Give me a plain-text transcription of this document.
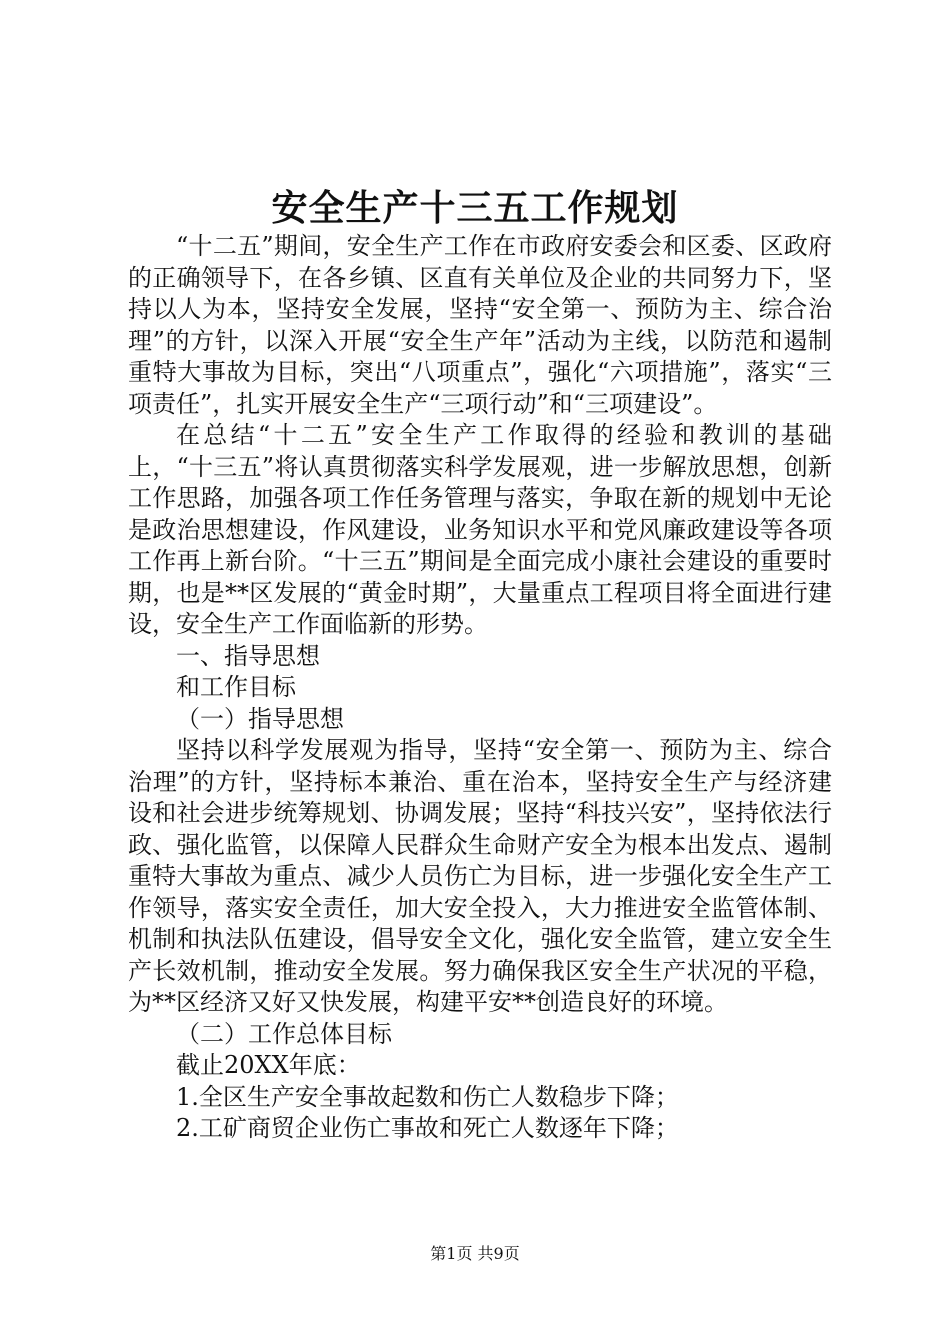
安全生产十三五工作规划

“十二五”期间，安全生产工作在市政府安委会和区委、区政府的正确领导下，在各乡镇、区直有关单位及企业的共同努力下，坚持以人为本，坚持安全发展，坚持“安全第一、预防为主、综合治理”的方针，以深入开展“安全生产年”活动为主线，以防范和遏制重特大事故为目标，突出“八项重点”，强化“六项措施”，落实“三项责任”，扎实开展安全生产“三项行动”和“三项建设”。

在总结“十二五”安全生产工作取得的经验和教训的基础上，“十三五”将认真贯彻落实科学发展观，进一步解放思想，创新工作思路，加强各项工作任务管理与落实，争取在新的规划中无论是政治思想建设，作风建设，业务知识水平和党风廉政建设等各项工作再上新台阶。“十三五”期间是全面完成小康社会建设的重要时期，也是**区发展的“黄金时期”，大量重点工程项目将全面进行建设，安全生产工作面临新的形势。

一、指导思想

和工作目标

（一）指导思想

坚持以科学发展观为指导，坚持“安全第一、预防为主、综合治理”的方针，坚持标本兼治、重在治本，坚持安全生产与经济建设和社会进步统筹规划、协调发展；坚持“科技兴安”，坚持依法行政、强化监管，以保障人民群众生命财产安全为根本出发点、遏制重特大事故为重点、减少人员伤亡为目标，进一步强化安全生产工作领导，落实安全责任，加大安全投入，大力推进安全监管体制、机制和执法队伍建设，倡导安全文化，强化安全监管，建立安全生产长效机制，推动安全发展。努力确保我区安全生产状况的平稳，为**区经济又好又快发展，构建平安**创造良好的环境。

（二）工作总体目标

截止20XX年底：

1.全区生产安全事故起数和伤亡人数稳步下降；

2.工矿商贸企业伤亡事故和死亡人数逐年下降；

第1页 共9页
